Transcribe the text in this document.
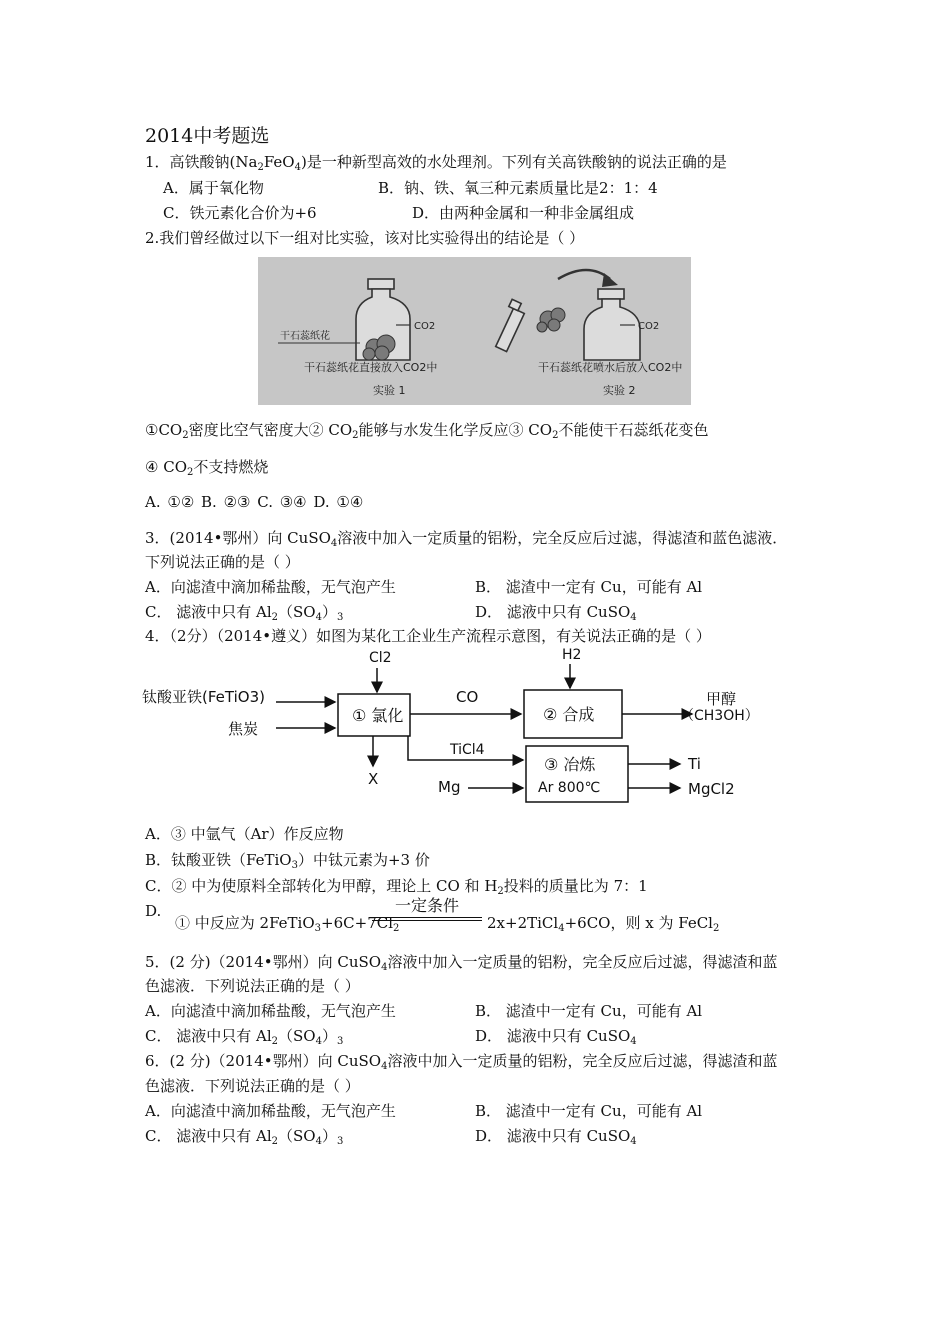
2014中考题选
1．高铁酸钠$(Na_2FeO_4)$是一种新型高效的水处理剂。下列有关高铁酸钠的说法正确的是
A．属于氧化物	B．钠、铁、氧三种元素质量比是2：1：4
C．铁元素化合价为+6	D．由两种金属和一种非金属组成
2.我们曾经做过以下一组对比实验，该对比实验得出的结论是（ ）
CO2
干石蕊纸花
干石蕊纸花直接放入CO2中
实验 1
CO2
干石蕊纸花喷水后放入CO2中
实验 2
$①CO_2$密度比空气密度大② $CO_2$能够与水发生化学反应③ $CO_2$不能使干石蕊纸花变色
④ $CO_2$不支持燃烧
A. ①② B. ②③ C. ③④ D. ①④
3．(2014•鄂州）向 CuSO$_4$溶液中加入一定质量的铝粉，完全反应后过滤，得滤渣和蓝色滤液．
下列说法正确的是（ ）
A．向滤渣中滴加稀盐酸，无气泡产生	B． 滤渣中一定有 Cu，可能有 Al
C． 滤液中只有 $Al_2(SO_4)_3$	D． 滤液中只有 CuSO$_4$
4．（2分）（2014•遵义）如图为某化工企业生产流程示意图，有关说法正确的是（ ）
Cl2	H2
钛酸亚铁(FeTiO3)
焦炭
① 氯化
CO
② 合成
甲醇
（CH3OH）
TiCl4
X	Mg
③ 冶炼
Ar 800℃
Ti
MgCl2
A．③ 中氩气（Ar）作反应物
B．钛酸亚铁（FeTiO$_3$）中钛元素为+3 价
C．② 中为使原料全部转化为甲醇，理论上 CO 和 $H_2$投料的质量比为 7：1
D.
① 中反应为 $2FeTiO_3+6C+7Cl_2$
一定条件
2x+2TiCl$_4$+6CO，则 x 为 FeCl$_2$
5．(2 分)（2014•鄂州）向 CuSO$_4$溶液中加入一定质量的铝粉，完全反应后过滤，得滤渣和蓝
色滤液．下列说法正确的是（ ）
A．向滤渣中滴加稀盐酸，无气泡产生	B． 滤渣中一定有 Cu，可能有 Al
C． 滤液中只有 $Al_2(SO_4)_3$	D． 滤液中只有 CuSO$_4$
6．(2 分)（2014•鄂州）向 CuSO$_4$溶液中加入一定质量的铝粉，完全反应后过滤，得滤渣和蓝
色滤液．下列说法正确的是（ ）
A．向滤渣中滴加稀盐酸，无气泡产生	B． 滤渣中一定有 Cu，可能有 Al
C． 滤液中只有 $Al_2(SO_4)_3$	D． 滤液中只有 CuSO$_4$
